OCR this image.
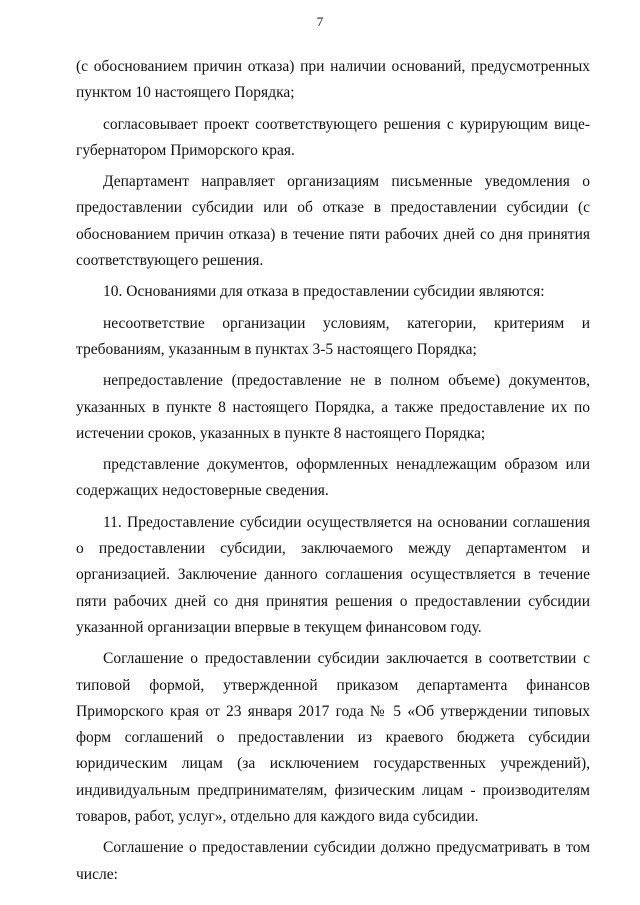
7

(с обоснованием причин отказа) при наличии оснований, предусмотренных пунктом 10 настоящего Порядка;

согласовывает проект соответствующего решения с курирующим вице-губернатором Приморского края.

Департамент направляет организациям письменные уведомления о предоставлении субсидии или об отказе в предоставлении субсидии (с обоснованием причин отказа) в течение пяти рабочих дней со дня принятия соответствующего решения.

10. Основаниями для отказа в предоставлении субсидии являются:

несоответствие организации условиям, категории, критериям и требованиям, указанным в пунктах 3-5 настоящего Порядка;

непредоставление (предоставление не в полном объеме) документов, указанных в пункте 8 настоящего Порядка, а также предоставление их по истечении сроков, указанных в пункте 8 настоящего Порядка;

представление документов, оформленных ненадлежащим образом или содержащих недостоверные сведения.

11. Предоставление субсидии осуществляется на основании соглашения о предоставлении субсидии, заключаемого между департаментом и организацией. Заключение данного соглашения осуществляется в течение пяти рабочих дней со дня принятия решения о предоставлении субсидии указанной организации впервые в текущем финансовом году.

Соглашение о предоставлении субсидии заключается в соответствии с типовой формой, утвержденной приказом департамента финансов Приморского края от 23 января 2017 года № 5 «Об утверждении типовых форм соглашений о предоставлении из краевого бюджета субсидии юридическим лицам (за исключением государственных учреждений), индивидуальным предпринимателям, физическим лицам - производителям товаров, работ, услуг», отдельно для каждого вида субсидии.

Соглашение о предоставлении субсидии должно предусматривать в том числе:
